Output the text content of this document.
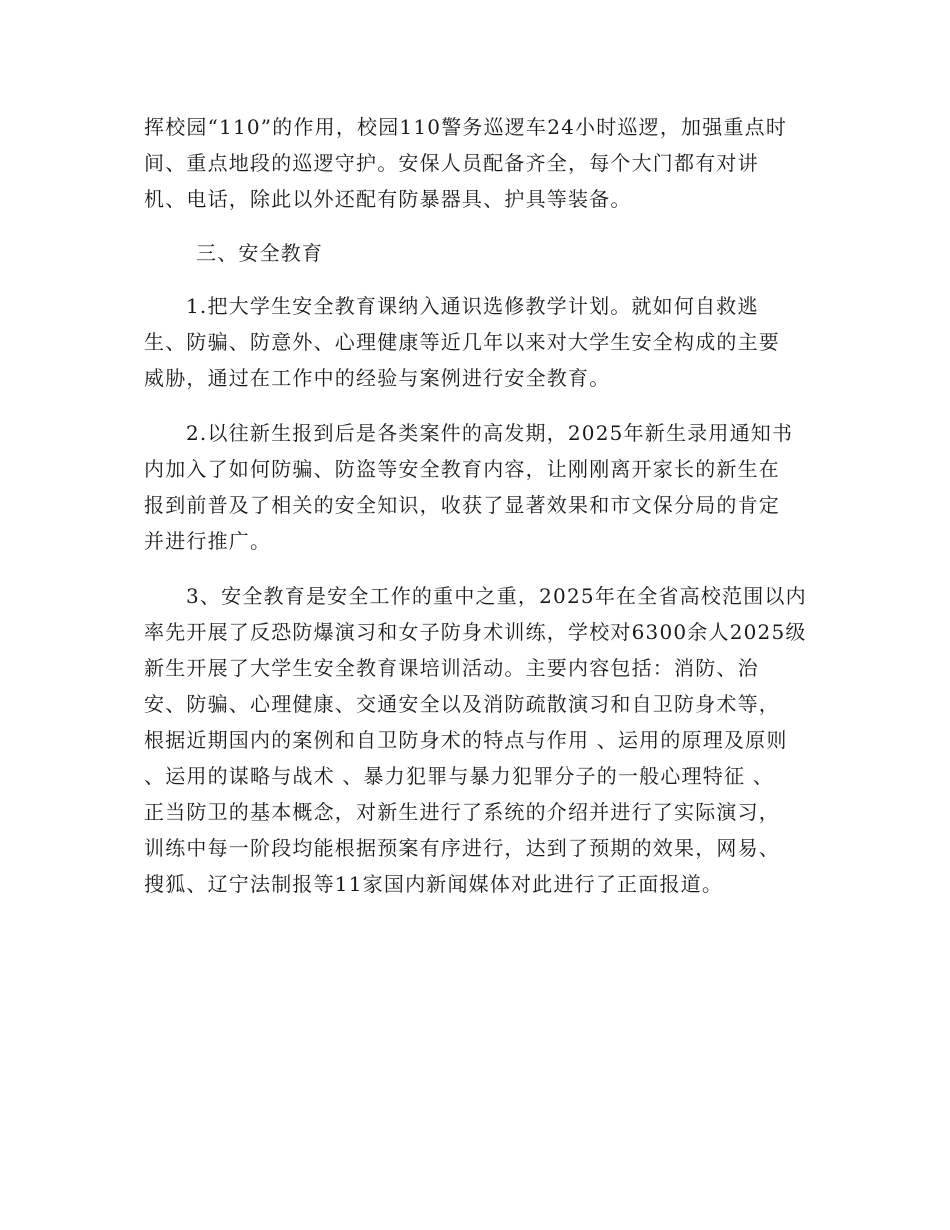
挥校园“110”的作用，校园110警务巡逻车24小时巡逻，加强重点时
间、重点地段的巡逻守护。安保人员配备齐全，每个大门都有对讲
机、电话，除此以外还配有防暴器具、护具等装备。
三、安全教育
1.把大学生安全教育课纳入通识选修教学计划。就如何自救逃
生、防骗、防意外、心理健康等近几年以来对大学生安全构成的主要
威胁，通过在工作中的经验与案例进行安全教育。
2.以往新生报到后是各类案件的高发期，2025年新生录用通知书
内加入了如何防骗、防盗等安全教育内容，让刚刚离开家长的新生在
报到前普及了相关的安全知识，收获了显著效果和市文保分局的肯定
并进行推广。
3、安全教育是安全工作的重中之重，2025年在全省高校范围以内
率先开展了反恐防爆演习和女子防身术训练，学校对6300余人2025级
新生开展了大学生安全教育课培训活动。主要内容包括：消防、治
安、防骗、心理健康、交通安全以及消防疏散演习和自卫防身术等，
根据近期国内的案例和自卫防身术的特点与作用 、运用的原理及原则
、运用的谋略与战术 、暴力犯罪与暴力犯罪分子的一般心理特征 、
正当防卫的基本概念，对新生进行了系统的介绍并进行了实际演习，
训练中每一阶段均能根据预案有序进行，达到了预期的效果，网易、
搜狐、辽宁法制报等11家国内新闻媒体对此进行了正面报道。
